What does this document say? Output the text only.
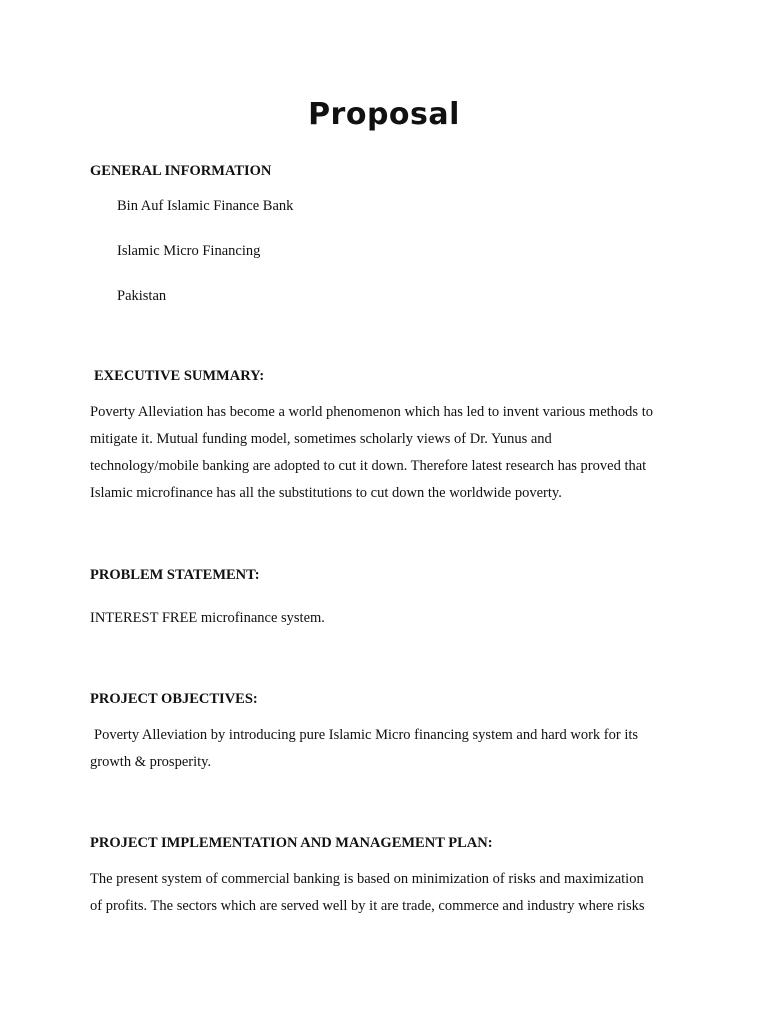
Proposal
GENERAL INFORMATION

Bin Auf Islamic Finance Bank

Islamic Micro Financing

Pakistan

EXECUTIVE SUMMARY:
Poverty Alleviation has become a world phenomenon which has led to invent various methods to
mitigate it. Mutual funding model, sometimes scholarly views of Dr. Yunus and
technology/mobile banking are adopted to cut it down. Therefore latest research has proved that
Islamic microfinance has all the substitutions to cut down the worldwide poverty.
PROBLEM STATEMENT:
INTEREST FREE microfinance system.
PROJECT OBJECTIVES:
Poverty Alleviation by introducing pure Islamic Micro financing system and hard work for its
growth & prosperity.
PROJECT IMPLEMENTATION AND MANAGEMENT PLAN:
The present system of commercial banking is based on minimization of risks and maximization
of profits. The sectors which are served well by it are trade, commerce and industry where risks
